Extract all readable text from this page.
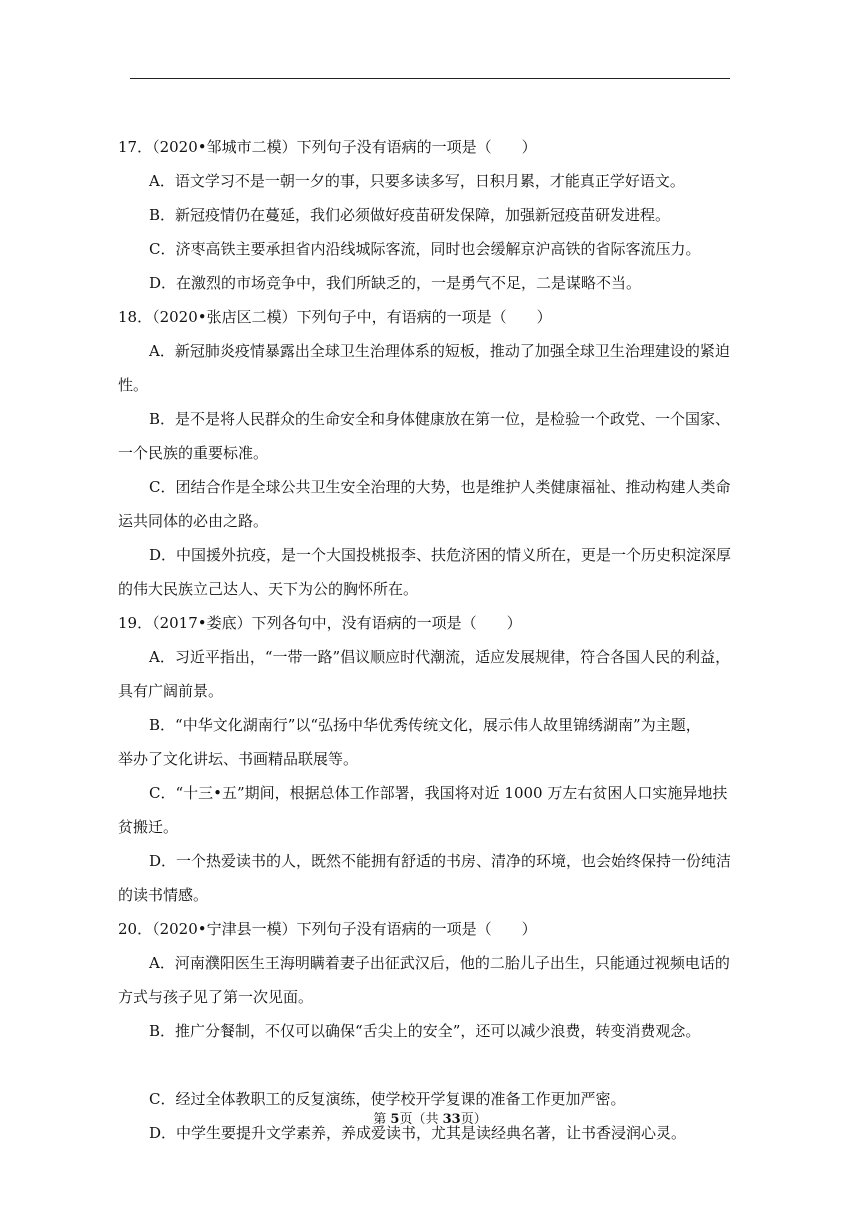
17．（2020•邹城市二模）下列句子没有语病的一项是（　　）
A．语文学习不是一朝一夕的事，只要多读多写，日积月累，才能真正学好语文。
B．新冠疫情仍在蔓延，我们必须做好疫苗研发保障，加强新冠疫苗研发进程。
C．济枣高铁主要承担省内沿线城际客流，同时也会缓解京沪高铁的省际客流压力。
D．在激烈的市场竞争中，我们所缺乏的，一是勇气不足，二是谋略不当。
18．（2020•张店区二模）下列句子中，有语病的一项是（　　）
A．新冠肺炎疫情暴露出全球卫生治理体系的短板，推动了加强全球卫生治理建设的紧迫
性。
B．是不是将人民群众的生命安全和身体健康放在第一位，是检验一个政党、一个国家、
一个民族的重要标准。
C．团结合作是全球公共卫生安全治理的大势，也是维护人类健康福祉、推动构建人类命
运共同体的必由之路。
D．中国援外抗疫，是一个大国投桃报李、扶危济困的情义所在，更是一个历史积淀深厚
的伟大民族立己达人、天下为公的胸怀所在。
19．（2017•娄底）下列各句中，没有语病的一项是（　　）
A．习近平指出，“一带一路”倡议顺应时代潮流，适应发展规律，符合各国人民的利益，
具有广阔前景。
B．“中华文化湖南行”以“弘扬中华优秀传统文化，展示伟人故里锦绣湖南”为主题，
举办了文化讲坛、书画精品联展等。
C．“十三•五”期间，根据总体工作部署，我国将对近 1000 万左右贫困人口实施异地扶
贫搬迁。
D．一个热爱读书的人，既然不能拥有舒适的书房、清净的环境，也会始终保持一份纯洁
的读书情感。
20．（2020•宁津县一模）下列句子没有语病的一项是（　　）
A．河南濮阳医生王海明瞒着妻子出征武汉后，他的二胎儿子出生，只能通过视频电话的
方式与孩子见了第一次见面。
B．推广分餐制，不仅可以确保“舌尖上的安全”，还可以减少浪费，转变消费观念。
C．经过全体教职工的反复演练，使学校开学复课的准备工作更加严密。
D．中学生要提升文学素养，养成爱读书，尤其是读经典名著，让书香浸润心灵。
第 5页（共 33页）
